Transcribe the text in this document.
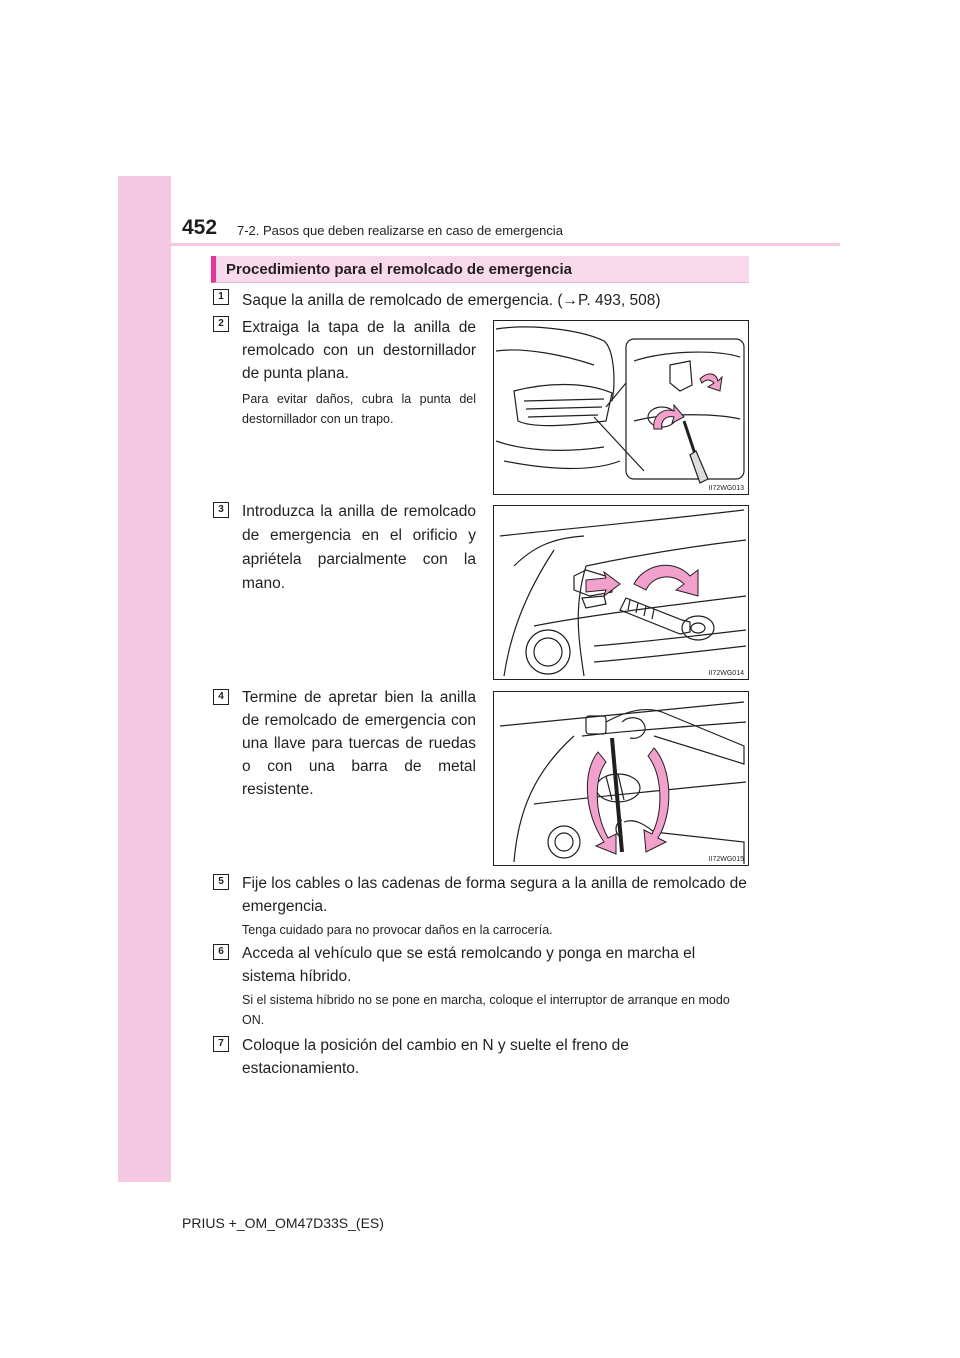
452 7-2. Pasos que deben realizarse en caso de emergencia
Procedimiento para el remolcado de emergencia
1	Saque la anilla de remolcado de emergencia. (→P. 493, 508)
2	Extraiga la tapa de la anilla de remolcado con un destornillador de punta plana.
Para evitar daños, cubra la punta del destornillador con un trapo.
II72WG013
3	Introduzca la anilla de remolcado de emergencia en el orificio y apriétela parcialmente con la mano.
II72WG014
4	Termine de apretar bien la anilla de remolcado de emergencia con una llave para tuercas de ruedas o con una barra de metal resistente.
II72WG015
5	Fije los cables o las cadenas de forma segura a la anilla de remolcado de emergencia.
Tenga cuidado para no provocar daños en la carrocería.
6	Acceda al vehículo que se está remolcando y ponga en marcha el sistema híbrido.
Si el sistema híbrido no se pone en marcha, coloque el interruptor de arranque en modo ON.
7	Coloque la posición del cambio en N y suelte el freno de estacionamiento.
PRIUS +_OM_OM47D33S_(ES)
